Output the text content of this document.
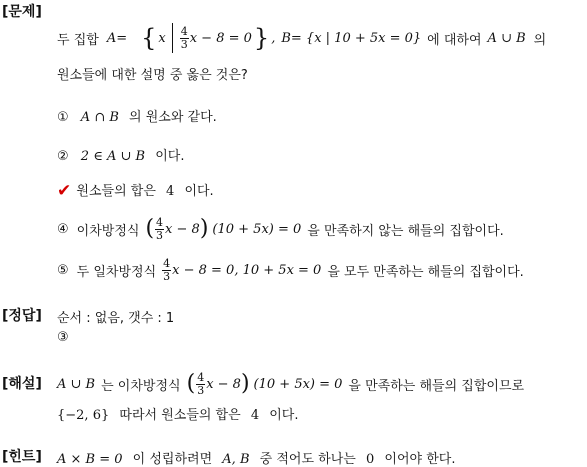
[문제]
[정답]
[해설]
[힌트]
두 집합 A= { x $\frac{4}{3}$ x − 8 = 0 } , B= {x | 10 + 5x = 0} 에 대하여 A ∪ B 의
원소들에 대한 설명 중 옳은 것은?
① A ∩ B 의 원소와 같다.
② 2 ∈ A ∪ B 이다.
✔ 원소들의 합은 4 이다.
④ 이차방정식 ( $\frac{4}{3}$ x − 8 ) (10 + 5x) = 0 을 만족하지 않는 해들의 집합이다.
⑤ 두 일차방정식 $\frac{4}{3}$ x − 8 = 0, 10 + 5x = 0 을 모두 만족하는 해들의 집합이다.
순서 : 없음, 갯수 : 1
③
A ∪ B 는 이차방정식 ( $\frac{4}{3}$ x − 8 ) (10 + 5x) = 0 을 만족하는 해들의 집합이므로
{−2, 6} 따라서 원소들의 합은 4 이다.
A × B = 0 이 성립하려면 A, B 중 적어도 하나는 0 이어야 한다.
